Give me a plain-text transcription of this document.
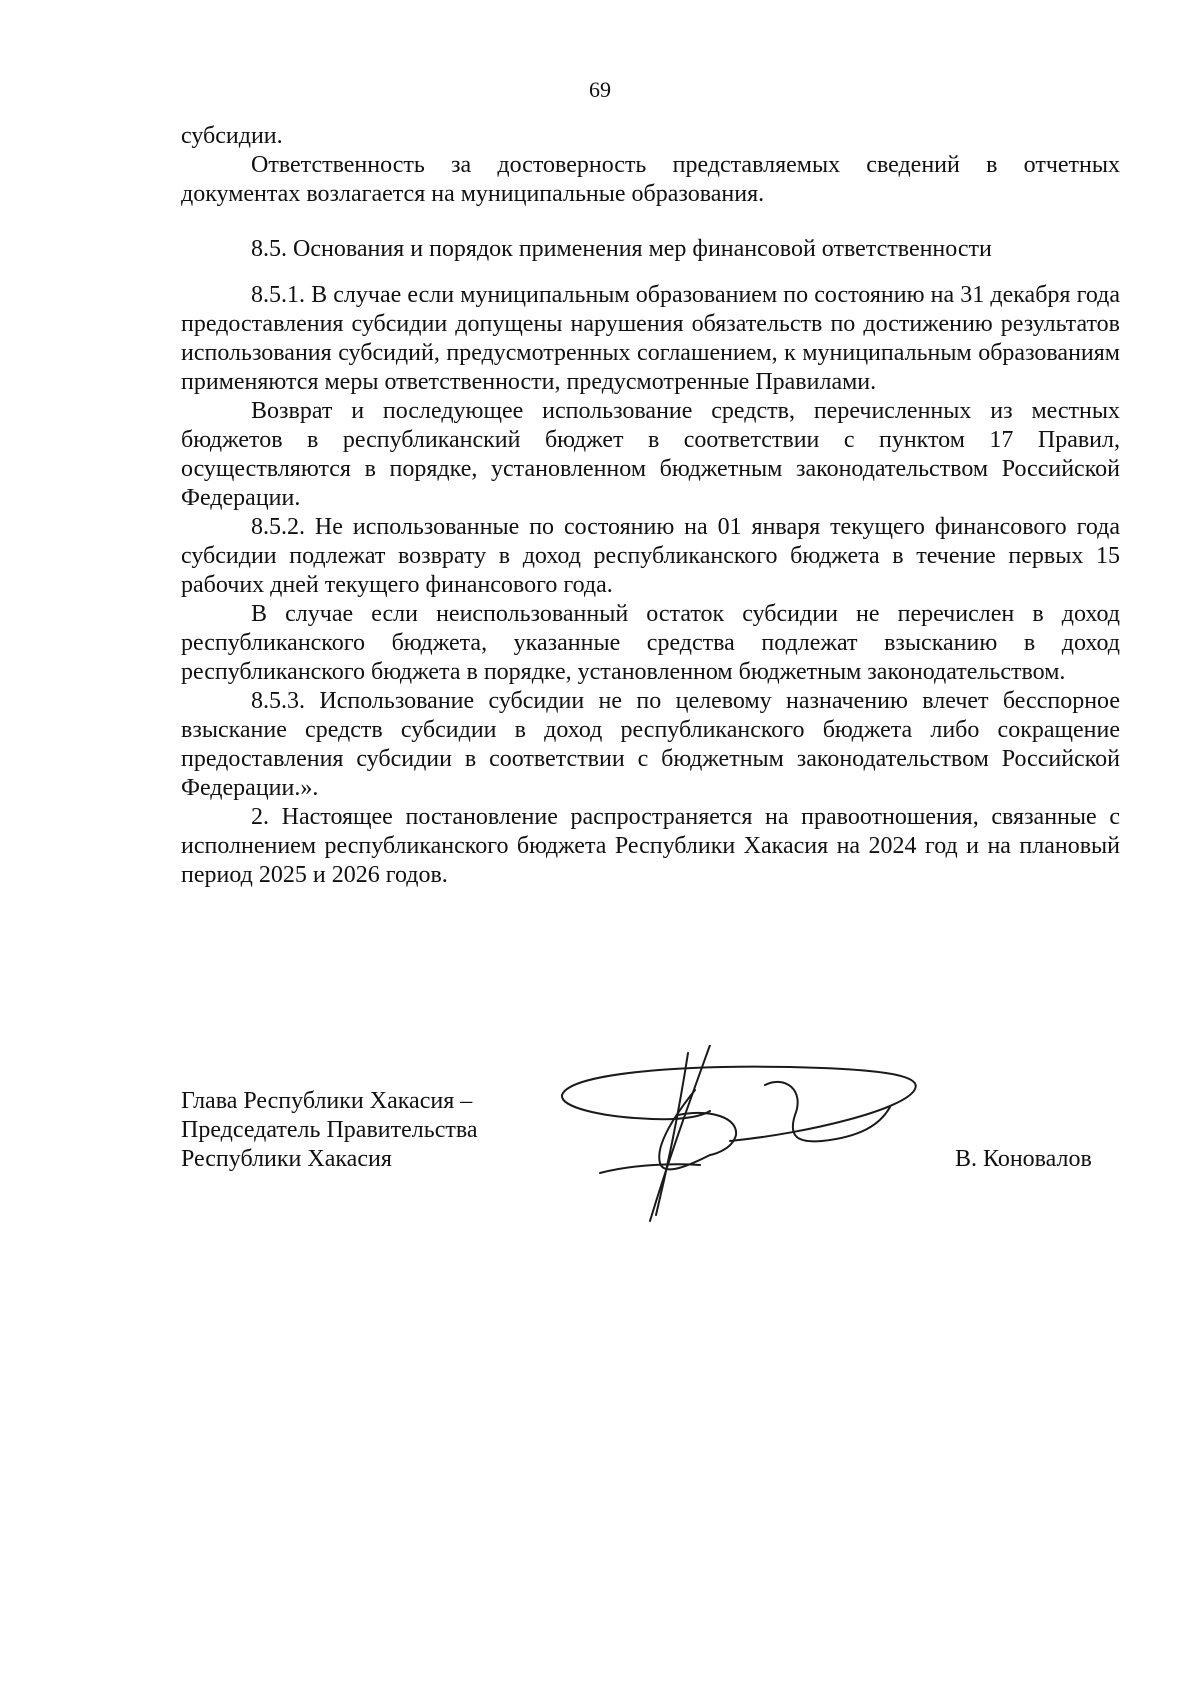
69

субсидии.

Ответственность за достоверность представляемых сведений в отчетных документах возлагается на муниципальные образования.

8.5. Основания и порядок применения мер финансовой ответственности

8.5.1. В случае если муниципальным образованием по состоянию на 31 декабря года предоставления субсидии допущены нарушения обязательств по достижению результатов использования субсидий, предусмотренных соглашением, к муниципальным образованиям применяются меры ответственности, предусмотренные Правилами.

Возврат и последующее использование средств, перечисленных из местных бюджетов в республиканский бюджет в соответствии с пунктом 17 Правил, осуществляются в порядке, установленном бюджетным законодательством Российской Федерации.

8.5.2. Не использованные по состоянию на 01 января текущего финансового года субсидии подлежат возврату в доход республиканского бюджета в течение первых 15 рабочих дней текущего финансового года.

В случае если неиспользованный остаток субсидии не перечислен в доход республиканского бюджета, указанные средства подлежат взысканию в доход республиканского бюджета в порядке, установленном бюджетным законодательством.

8.5.3. Использование субсидии не по целевому назначению влечет бесспорное взыскание средств субсидии в доход республиканского бюджета либо сокращение предоставления субсидии в соответствии с бюджетным законодательством Российской Федерации.».

2. Настоящее постановление распространяется на правоотношения, связанные с исполнением республиканского бюджета Республики Хакасия на 2024 год и на плановый период 2025 и 2026 годов.

Глава Республики Хакасия –
Председатель Правительства
Республики Хакасия	В. Коновалов
